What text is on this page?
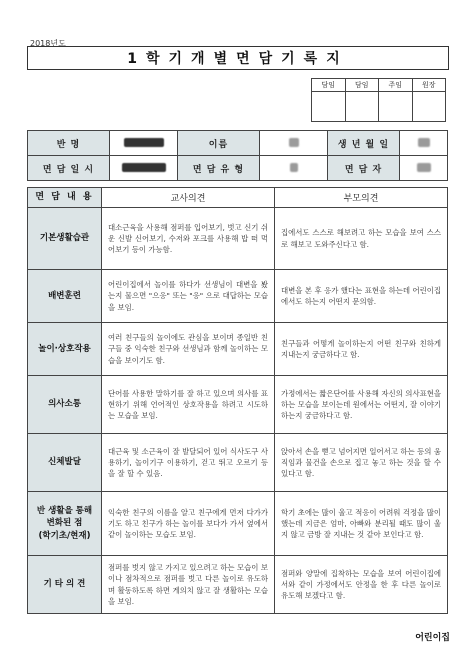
2018년도
1학기개별면담기록지
담임	담임	주임	원장

반 명		이름		생 년 월 일	
면 담 일 시		면 담 유 형		면 담 자	
면 담 내 용	교사의견	부모의견
기본생활습관	대소근육을 사용해 점퍼를 입어보기, 벗고 신기 쉬운 신발 신어보기, 수저와 포크를 사용해 밥 떠 먹어보기 등이 가능함.	집에서도 스스로 해보려고 하는 모습을 보여 스스로 해보고 도와주신다고 함.
배변훈련	어린이집에서 놀이를 하다가 선생님이 대변을 봤는지 물으면 "으응" 또는 "응" 으로 대답하는 모습을 보임.	대변을 본 후 응가 했다는 표현을 하는데 어린이집에서도 하는지 어떤지 문의함.
놀이·상호작용	여러 친구들의 놀이에도 관심을 보이며 종일반 친구들 중 익숙한 친구와 선생님과 함께 놀이하는 모습을 보이기도 함.	친구들과 어떻게 놀이하는지 어떤 친구와 친하게 지내는지 궁금하다고 함.
의사소통	단어를 사용한 말하기를 잘 하고 있으며 의사를 표현하기 위해 언어적인 상호작용을 하려고 시도하는 모습을 보임.	가정에서는 짧은단어를 사용해 자신의 의사표현을 하는 모습을 보이는데 원에서는 어떤지, 잘 이야기하는지 궁금하다고 함.
신체발달	대근육 및 소근육이 잘 발달되어 있어 식사도구 사용하기, 놀이기구 이용하기, 걷고 뛰고 오르기 등을 잘 할 수 있음.	앉아서 손을 뻗고 넘어지면 일어서고 하는 등의 움직임과 물건을 손으로 집고 놓고 하는 것을 할 수 있다고 함.
반 생활을 통해
변화된 점
(학기초/현재)	익숙한 친구의 이름을 알고 친구에게 먼저 다가가기도 하고 친구가 하는 놀이를 보다가 가서 옆에서 같이 놀이하는 모습도 보임.	학기 초에는 많이 울고 적응이 어려워 걱정을 많이 했는데 지금은 엄마, 아빠와 분리될 때도 많이 울지 않고 금방 잘 지내는 것 같아 보인다고 함.
기 타 의 견	점퍼를 벗지 않고 가지고 있으려고 하는 모습이 보이나 점차적으로 점퍼를 벗고 다른 놀이로 유도하며 활동하도록 하면 게의치 않고 잘 생활하는 모습을 보임.	점퍼와 양말에 집착하는 모습을 보여 어린이집에서와 같이 가정에서도 안정을 한 후 다른 놀이로 유도해 보겠다고 함.
어린이집
